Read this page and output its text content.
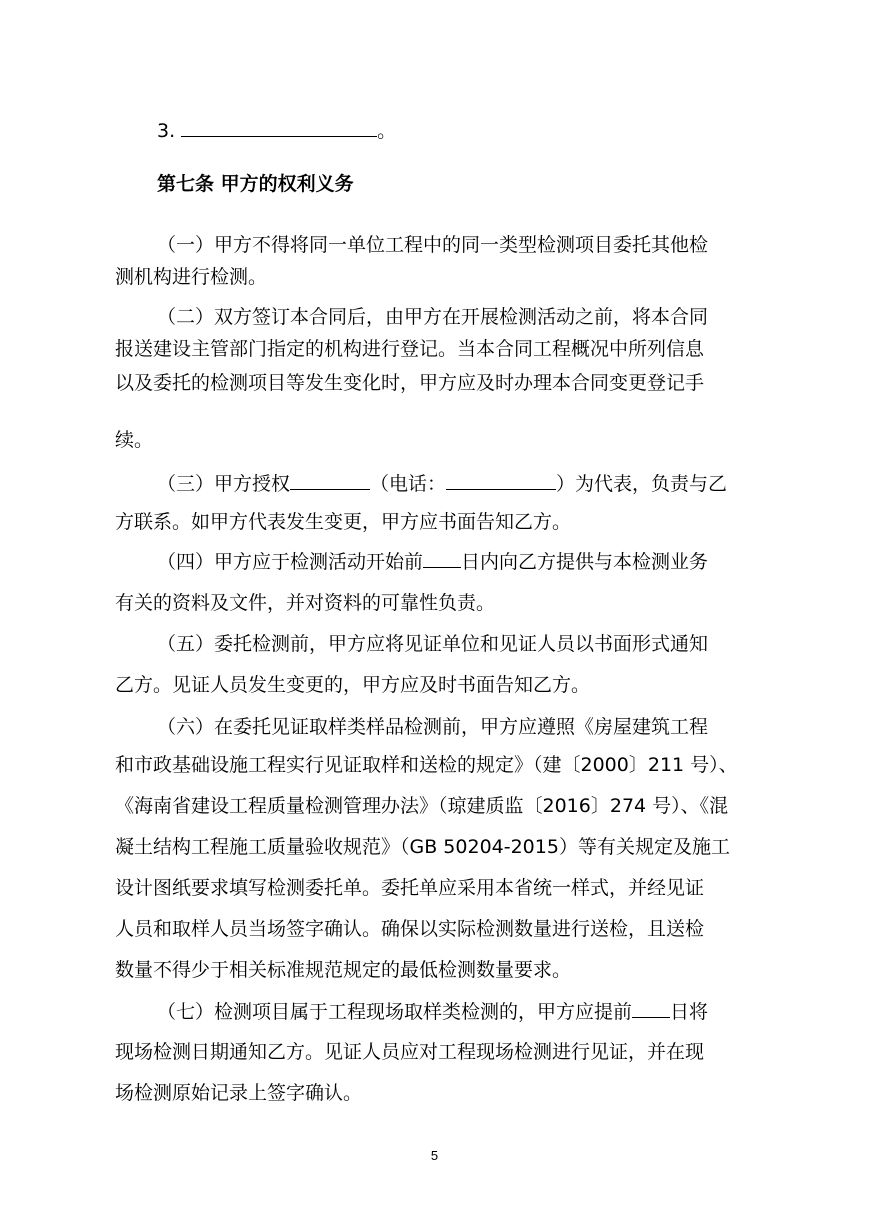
3.	。
第七条 甲方的权利义务
（一）甲方不得将同一单位工程中的同一类型检测项目委托其他检
测机构进行检测。
（二）双方签订本合同后，由甲方在开展检测活动之前，将本合同
报送建设主管部门指定的机构进行登记。当本合同工程概况中所列信息
以及委托的检测项目等发生变化时，甲方应及时办理本合同变更登记手
续。
（三）甲方授权	（电话：	）为代表，负责与乙
方联系。如甲方代表发生变更，甲方应书面告知乙方。
（四）甲方应于检测活动开始前 日内向乙方提供与本检测业务
有关的资料及文件，并对资料的可靠性负责。
（五）委托检测前，甲方应将见证单位和见证人员以书面形式通知
乙方。见证人员发生变更的，甲方应及时书面告知乙方。
（六）在委托见证取样类样品检测前，甲方应遵照《房屋建筑工程
和市政基础设施工程实行见证取样和送检的规定》（建〔2000〕211 号）、
《海南省建设工程质量检测管理办法》（琼建质监〔2016〕274 号）、《混
凝土结构工程施工质量验收规范》（GB 50204-2015）等有关规定及施工
设计图纸要求填写检测委托单。委托单应采用本省统一样式，并经见证
人员和取样人员当场签字确认。确保以实际检测数量进行送检，且送检
数量不得少于相关标准规范规定的最低检测数量要求。
（七）检测项目属于工程现场取样类检测的，甲方应提前 日将
现场检测日期通知乙方。见证人员应对工程现场检测进行见证，并在现
场检测原始记录上签字确认。
5
